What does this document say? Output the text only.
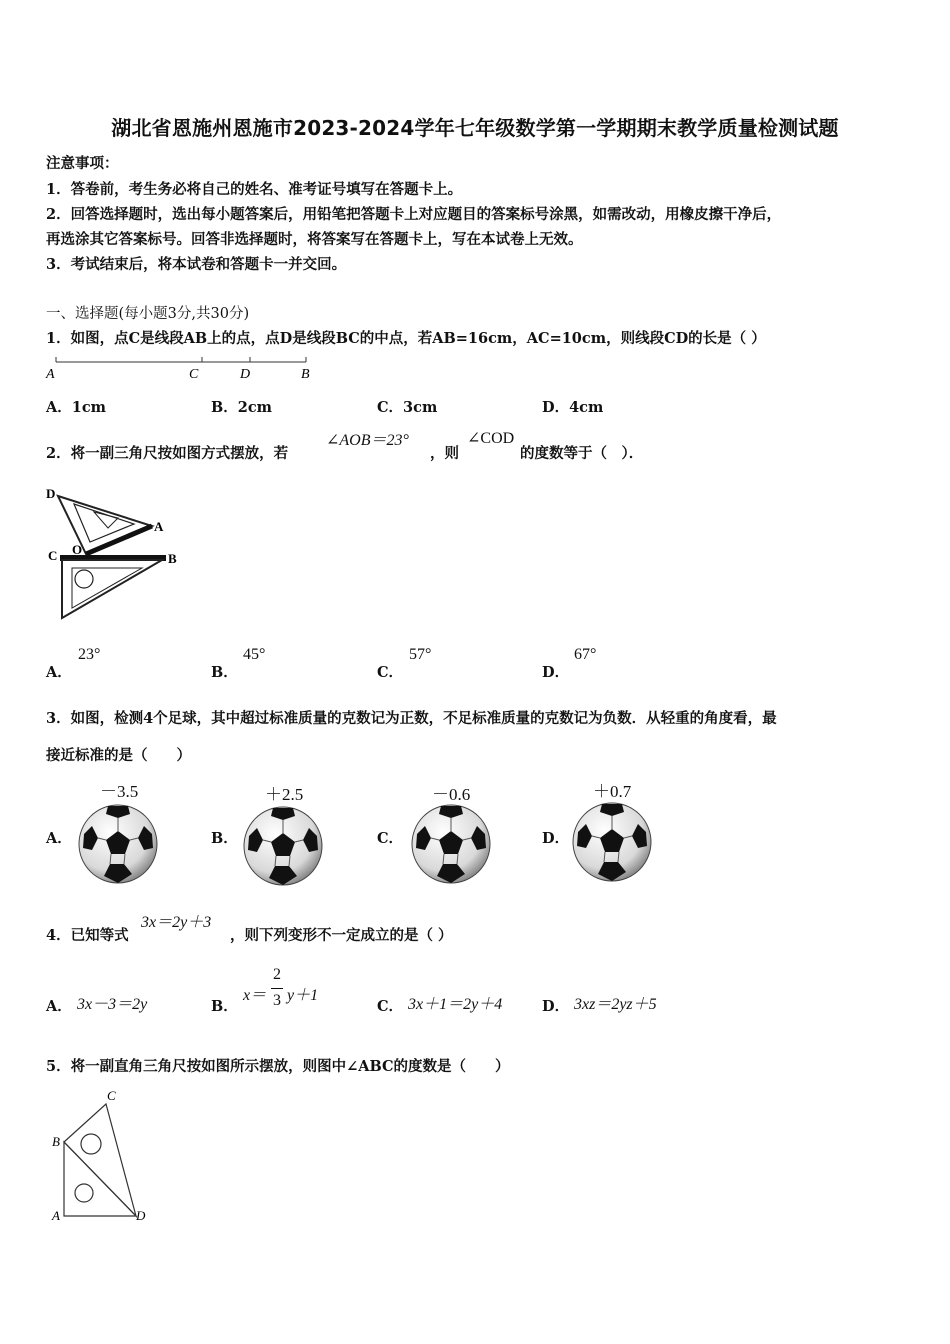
湖北省恩施州恩施市2023-2024学年七年级数学第一学期期末教学质量检测试题
注意事项：
1．答卷前，考生务必将自己的姓名、准考证号填写在答题卡上。
2．回答选择题时，选出每小题答案后，用铅笔把答题卡上对应题目的答案标号涂黑，如需改动，用橡皮擦干净后，
再选涂其它答案标号。回答非选择题时，将答案写在答题卡上，写在本试卷上无效。
3．考试结束后，将本试卷和答题卡一并交回。
一、选择题(每小题3分,共30分)
1．如图，点C是线段AB上的点，点D是线段BC的中点，若AB=16cm，AC=10cm，则线段CD的长是（ ）
A	C	D	B
A．1cm	B．2cm	C．3cm	D．4cm
2．将一副三角尺按如图方式摆放，若
∠AOB＝23°
，则
∠COD
的度数等于（　）．
D
A
C O
B
A．
23°
B．
45°
C．
57°
D．
67°
3．如图，检测4个足球，其中超过标准质量的克数记为正数，不足标准质量的克数记为负数．从轻重的角度看，最
接近标准的是（　　）
A．	B．	C．	D．
－3.5	＋2.5	－0.6	＋0.7
4．已知等式
3x＝2y＋3
，则下列变形不一定成立的是（ ）
A． 3x－3＝2y	B．
x＝
2
3 y＋1
C． 3x＋1＝2y＋4	D． 3xz＝2yz＋5
5．将一副直角三角尺按如图所示摆放，则图中∠ABC的度数是（　　）
C
B
A	D
